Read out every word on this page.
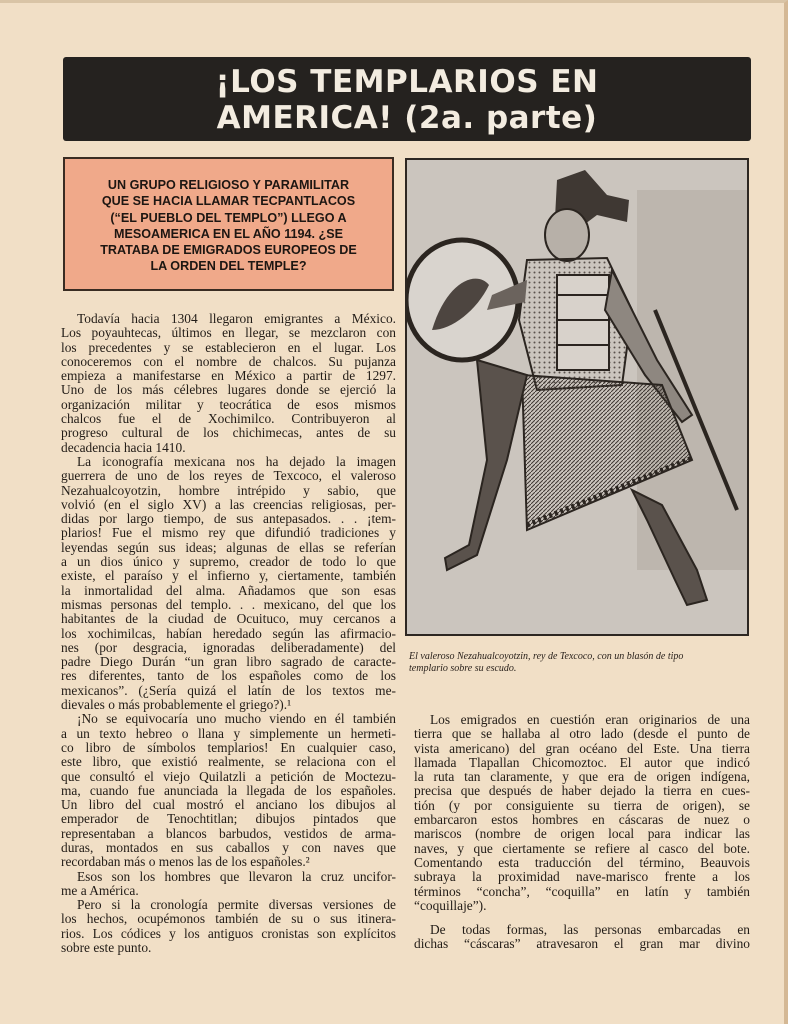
¡LOS TEMPLARIOS EN
AMERICA! (2a. parte)
UN GRUPO RELIGIOSO Y PARAMILITAR
QUE SE HACIA LLAMAR TECPANTLACOS
(“EL PUEBLO DEL TEMPLO”) LLEGO A
MESOAMERICA EN EL AÑO 1194. ¿SE
TRATABA DE EMIGRADOS EUROPEOS DE
LA ORDEN DEL TEMPLE?
El valeroso Nezahualcoyotzin, rey de Texcoco, con un blasón de tipo
templario sobre su escudo.
Todavía hacia 1304 llegaron emigrantes a México.
Los poyauhtecas, últimos en llegar, se mezclaron con
los precedentes y se establecieron en el lugar. Los
conoceremos con el nombre de chalcos. Su pujanza
empieza a manifestarse en México a partir de 1297.
Uno de los más célebres lugares donde se ejerció la
organización militar y teocrática de esos mismos
chalcos fue el de Xochimilco. Contribuyeron al
progreso cultural de los chichimecas, antes de su
decadencia hacia 1410.
La iconografía mexicana nos ha dejado la imagen
guerrera de uno de los reyes de Texcoco, el valeroso
Nezahualcoyotzin, hombre intrépido y sabio, que
volvió (en el siglo XV) a las creencias religiosas, per-
didas por largo tiempo, de sus antepasados. . . ¡tem-
plarios! Fue el mismo rey que difundió tradiciones y
leyendas según sus ideas; algunas de ellas se referían
a un dios único y supremo, creador de todo lo que
existe, el paraíso y el infierno y, ciertamente, también
la inmortalidad del alma. Añadamos que son esas
mismas personas del templo. . . mexicano, del que los
habitantes de la ciudad de Ocuituco, muy cercanos a
los xochimilcas, habían heredado según las afirmacio-
nes (por desgracia, ignoradas deliberadamente) del
padre Diego Durán “un gran libro sagrado de caracte-
res diferentes, tanto de los españoles como de los
mexicanos”. (¿Sería quizá el latín de los textos me-
dievales o más probablemente el griego?).¹
¡No se equivocaría uno mucho viendo en él también
a un texto hebreo o llana y simplemente un hermeti-
co libro de símbolos templarios! En cualquier caso,
este libro, que existió realmente, se relaciona con el
que consultó el viejo Quilatzli a petición de Moctezu-
ma, cuando fue anunciada la llegada de los españoles.
Un libro del cual mostró el anciano los dibujos al
emperador de Tenochtitlan; dibujos pintados que
representaban a blancos barbudos, vestidos de arma-
duras, montados en sus caballos y con naves que
recordaban más o menos las de los españoles.²
Esos son los hombres que llevaron la cruz uncifor-
me a América.
Pero si la cronología permite diversas versiones de
los hechos, ocupémonos también de su o sus itinera-
rios. Los códices y los antiguos cronistas son explícitos
sobre este punto.
Los emigrados en cuestión eran originarios de una
tierra que se hallaba al otro lado (desde el punto de
vista americano) del gran océano del Este. Una tierra
llamada Tlapallan Chicomoztoc. El autor que indicó
la ruta tan claramente, y que era de origen indígena,
precisa que después de haber dejado la tierra en cues-
tión (y por consiguiente su tierra de origen), se
embarcaron estos hombres en cáscaras de nuez o
mariscos (nombre de origen local para indicar las
naves, y que ciertamente se refiere al casco del bote.
Comentando esta traducción del término, Beauvois
subraya la proximidad nave-marisco frente a los
términos “concha”, “coquilla” en latín y también
“coquillaje”).
De todas formas, las personas embarcadas en
dichas “cáscaras” atravesaron el gran mar divino
